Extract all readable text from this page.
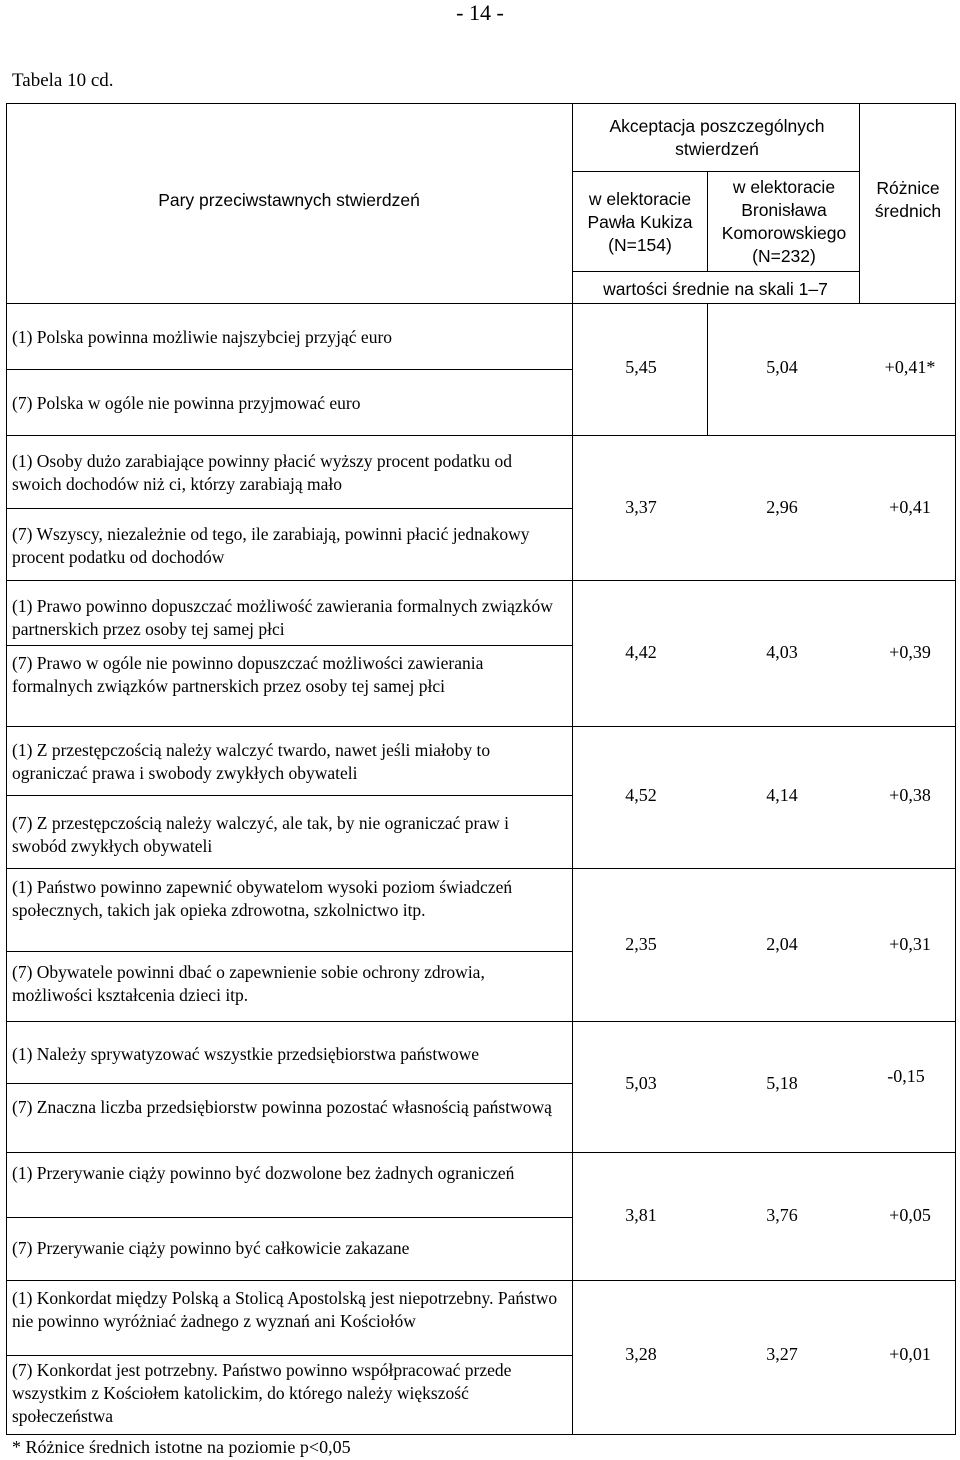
- 14 -
Tabela 10 cd.
Pary przeciwstawnych stwierdzeń
Akceptacja poszczególnych stwierdzeń
w elektoracie Pawła Kukiza (N=154)
w elektoracie Bronisława Komorowskiego (N=232)
Różnice średnich
wartości średnie na skali 1–7
(1) Polska powinna możliwie najszybciej przyjąć euro
(7) Polska w ogóle nie powinna przyjmować euro
5,45	5,04	+0,41*
(1) Osoby dużo zarabiające powinny płacić wyższy procent podatku od swoich dochodów niż ci, którzy zarabiają mało
(7) Wszyscy, niezależnie od tego, ile zarabiają, powinni płacić jednakowy procent podatku od dochodów
3,37	2,96	+0,41
(1) Prawo powinno dopuszczać możliwość zawierania formalnych związków partnerskich przez osoby tej samej płci
(7) Prawo w ogóle nie powinno dopuszczać możliwości zawierania formalnych związków partnerskich przez osoby tej samej płci
4,42	4,03	+0,39
(1) Z przestępczością należy walczyć twardo, nawet jeśli miałoby to ograniczać prawa i swobody zwykłych obywateli
(7) Z przestępczością należy walczyć, ale tak, by nie ograniczać praw i swobód zwykłych obywateli
4,52	4,14	+0,38
(1) Państwo powinno zapewnić obywatelom wysoki poziom świadczeń społecznych, takich jak opieka zdrowotna, szkolnictwo itp.
(7) Obywatele powinni dbać o zapewnienie sobie ochrony zdrowia, możliwości kształcenia dzieci itp.
2,35	2,04	+0,31
(1) Należy sprywatyzować wszystkie przedsiębiorstwa państwowe
(7) Znaczna liczba przedsiębiorstw powinna pozostać własnością państwową
5,03	5,18	-0,15
(1) Przerywanie ciąży powinno być dozwolone bez żadnych ograniczeń
(7) Przerywanie ciąży powinno być całkowicie zakazane
3,81	3,76	+0,05
(1) Konkordat między Polską a Stolicą Apostolską jest niepotrzebny. Państwo nie powinno wyróżniać żadnego z wyznań ani Kościołów
(7) Konkordat jest potrzebny. Państwo powinno współpracować przede wszystkim z Kościołem katolickim, do którego należy większość społeczeństwa
3,28	3,27	+0,01
* Różnice średnich istotne na poziomie p<0,05
